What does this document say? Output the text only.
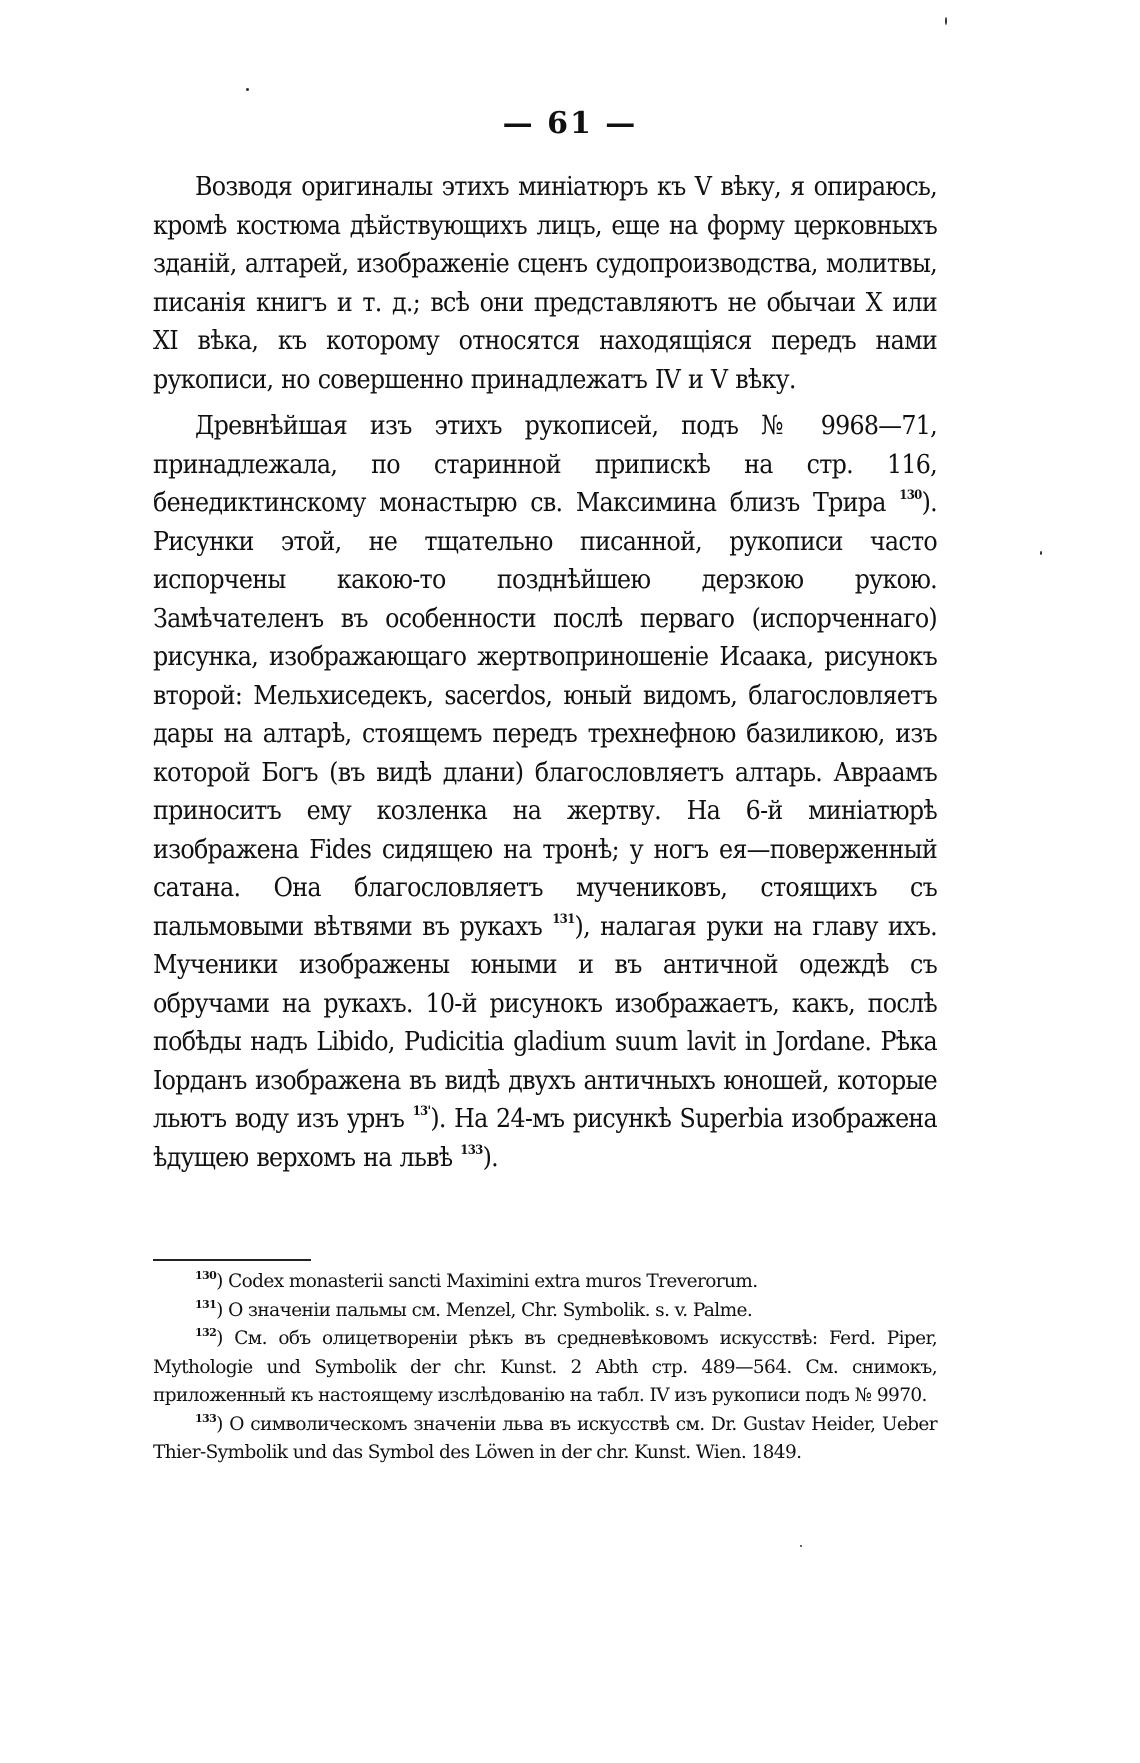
— 61 —

Возводя оригиналы этихъ миніатюръ къ V вѣку, я опираюсь, кромѣ костюма дѣйствующихъ лицъ, еще на форму церковныхъ зданій, алтарей, изображеніе сценъ судопроизводства, молитвы, писанія книгъ и т. д.; всѣ они представляютъ не обычаи X или XI вѣка, къ которому относятся находящіяся передъ нами рукописи, но совершенно принадлежатъ IV и V вѣку.

Древнѣйшая изъ этихъ рукописей, подъ № 9968—71, принадлежала, по старинной припискѣ на стр. 116, бенедиктинскому монастырю св. Максимина близъ Трира $^{130}$). Рисунки этой, не тщательно писанной, рукописи часто испорчены какою-то позднѣйшею дерзкою рукою. Замѣчателенъ въ особенности послѣ перваго (испорченнаго) рисунка, изображающаго жертвоприношеніе Исаака, рисунокъ второй: Мельхиседекъ, sacerdos, юный видомъ, благословляетъ дары на алтарѣ, стоящемъ передъ трехнефною базиликою, изъ которой Богъ (въ видѣ длани) благословляетъ алтарь. Авраамъ приноситъ ему козленка на жертву. На 6-й миніатюрѣ изображена Fides сидящею на тронѣ; у ногъ ея—поверженный сатана. Она благословляетъ мучениковъ, стоящихъ съ пальмовыми вѣтвями въ рукахъ $^{131}$), налагая руки на главу ихъ. Мученики изображены юными и въ античной одеждѣ съ обручами на рукахъ. 10-й рисунокъ изображаетъ, какъ, послѣ побѣды надъ Libido, Pudicitia gladium suum lavit in Jordane. Рѣка Іорданъ изображена въ видѣ двухъ античныхъ юношей, которые льютъ воду изъ урнъ $^{13'}$). На 24-мъ рисункѣ Superbia изображена ѣдущею верхомъ на львѣ $^{133}$).

$^{130}$) Codex monasterii sancti Maximini extra muros Treverorum.

$^{131}$) О значеніи пальмы см. Menzel, Chr. Symbolik. s. v. Palme.

$^{132}$) См. объ олицетвореніи рѣкъ въ средневѣковомъ искусствѣ: Ferd. Piper, Mythologie und Symbolik der chr. Kunst. 2 Abth стр. 489—564. См. снимокъ, приложенный къ настоящему изслѣдованію на табл. IV изъ рукописи подъ № 9970.

$^{133}$) О символическомъ значеніи льва въ искусствѣ см. Dr. Gustav Heider, Ueber Thier-Symbolik und das Symbol des Löwen in der chr. Kunst. Wien. 1849.
